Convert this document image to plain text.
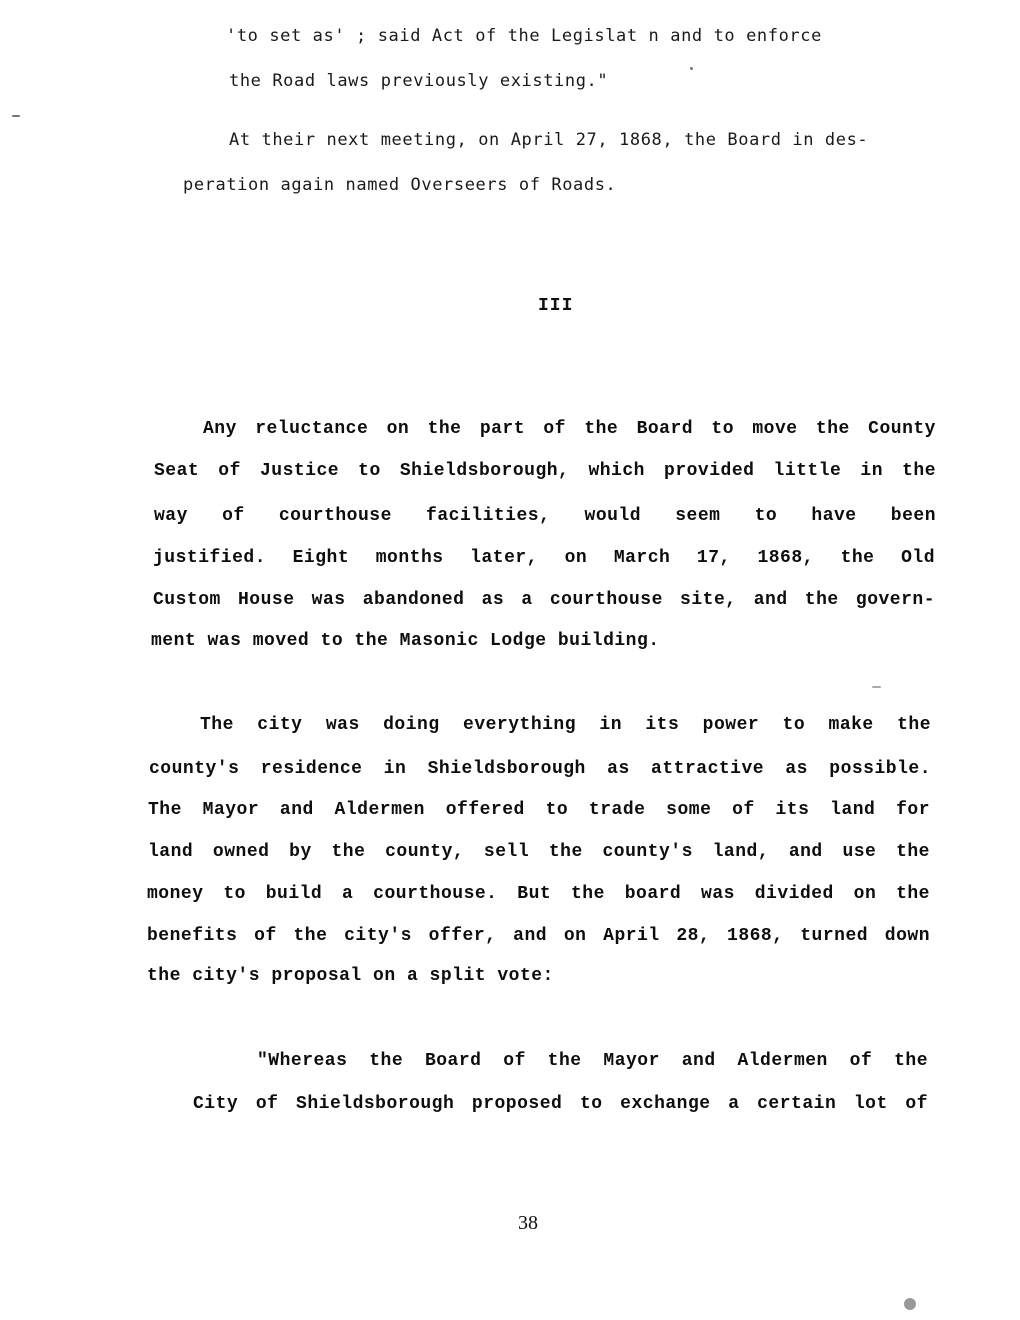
'to set as' ; said Act of the Legislat n and to enforce

the Road laws previously existing."

At their next meeting, on April 27, 1868, the Board in des-

peration again named Overseers of Roads.

III

Any reluctance on the part of the Board to move the County

Seat of Justice to Shieldsborough, which provided little in the

way of courthouse facilities, would seem to have been

justified. Eight months later, on March 17, 1868, the Old

Custom House was abandoned as a courthouse site, and the govern-

ment was moved to the Masonic Lodge building.

The city was doing everything in its power to make the

county's residence in Shieldsborough as attractive as possible.

The Mayor and Aldermen offered to trade some of its land for

land owned by the county, sell the county's land, and use the

money to build a courthouse. But the board was divided on the

benefits of the city's offer, and on April 28, 1868, turned down

the city's proposal on a split vote:

"Whereas the Board of the Mayor and Aldermen of the

City of Shieldsborough proposed to exchange a certain lot of

38
